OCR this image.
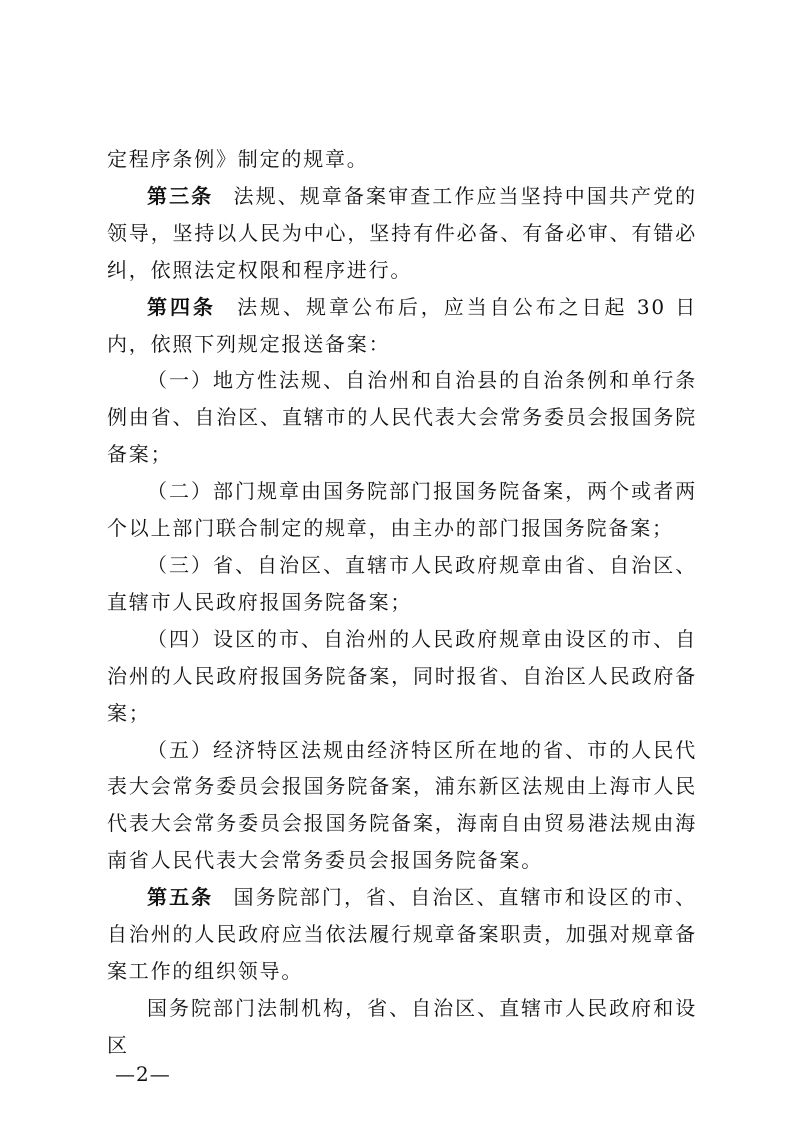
定程序条例》制定的规章。

第三条 法规、规章备案审查工作应当坚持中国共产党的领导，坚持以人民为中心，坚持有件必备、有备必审、有错必纠，依照法定权限和程序进行。

第四条 法规、规章公布后，应当自公布之日起 30 日内，依照下列规定报送备案：

（一）地方性法规、自治州和自治县的自治条例和单行条例由省、自治区、直辖市的人民代表大会常务委员会报国务院备案；

（二）部门规章由国务院部门报国务院备案，两个或者两个以上部门联合制定的规章，由主办的部门报国务院备案；

（三）省、自治区、直辖市人民政府规章由省、自治区、直辖市人民政府报国务院备案；

（四）设区的市、自治州的人民政府规章由设区的市、自治州的人民政府报国务院备案，同时报省、自治区人民政府备案；

（五）经济特区法规由经济特区所在地的省、市的人民代表大会常务委员会报国务院备案，浦东新区法规由上海市人民代表大会常务委员会报国务院备案，海南自由贸易港法规由海南省人民代表大会常务委员会报国务院备案。

第五条 国务院部门，省、自治区、直辖市和设区的市、自治州的人民政府应当依法履行规章备案职责，加强对规章备案工作的组织领导。

国务院部门法制机构，省、自治区、直辖市人民政府和设区

—2—
